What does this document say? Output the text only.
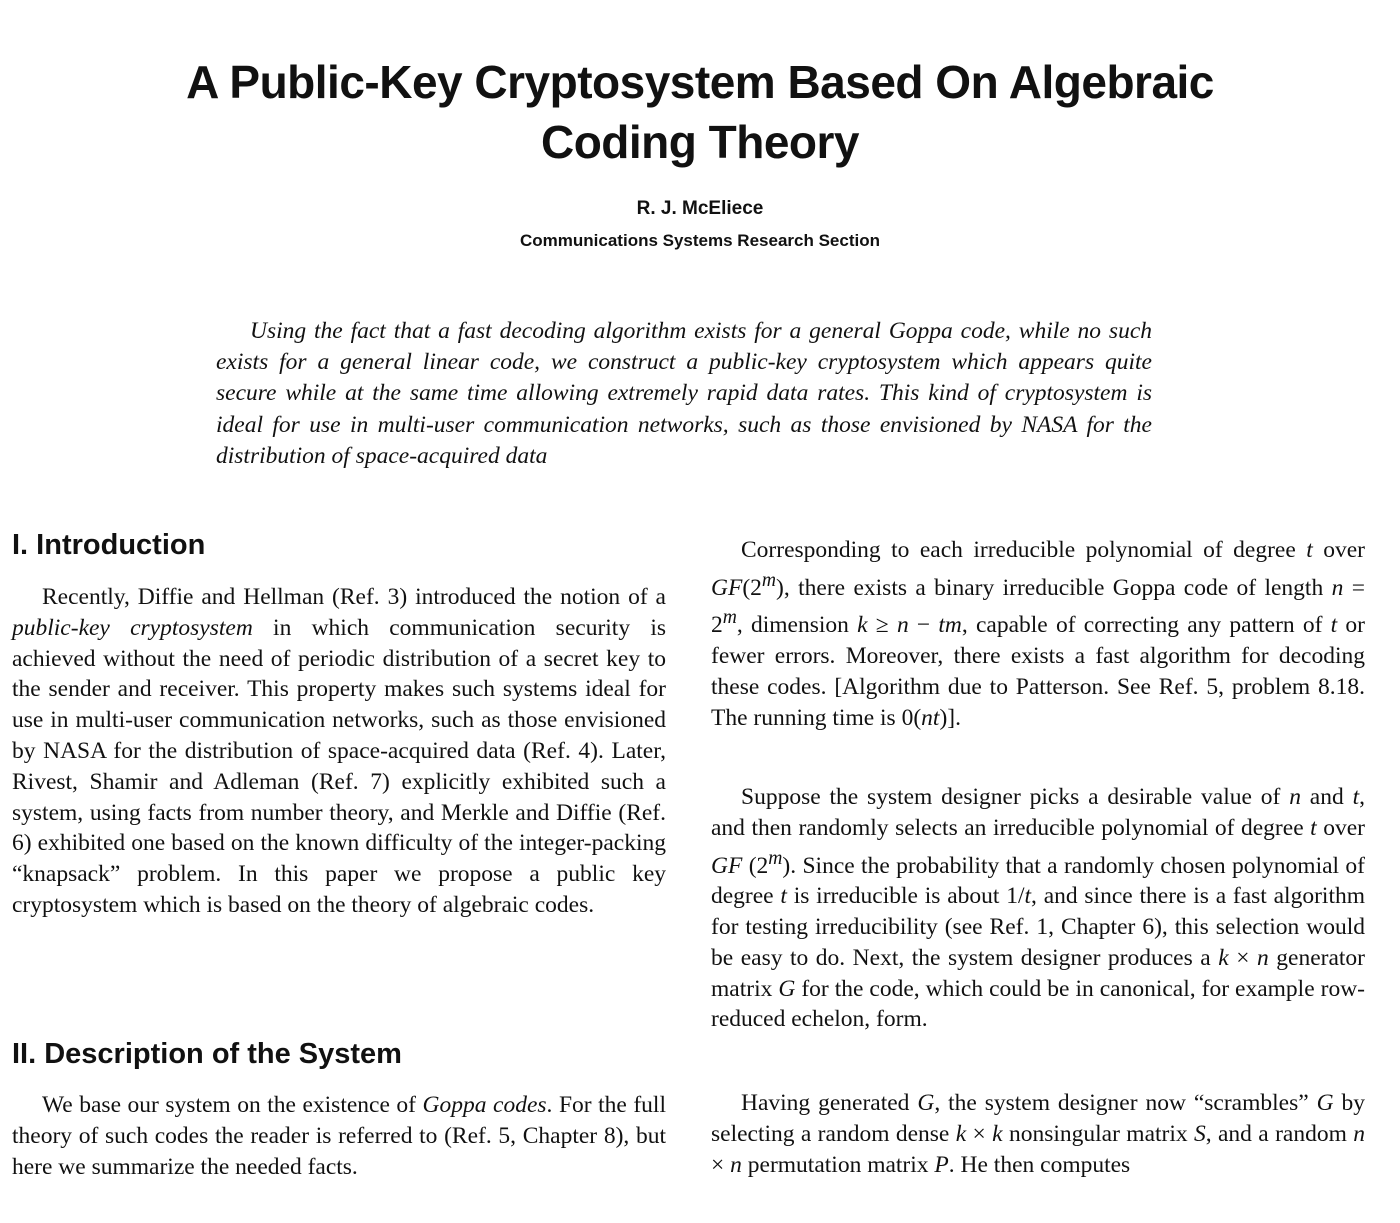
A Public-Key Cryptosystem Based On Algebraic
Coding Theory
R. J. McEliece
Communications Systems Research Section

Using the fact that a fast decoding algorithm exists for a general Goppa code, while no such exists for a general linear code, we construct a public-key cryptosystem which appears quite secure while at the same time allowing extremely rapid data rates. This kind of cryptosystem is ideal for use in multi-user communication networks, such as those envisioned by NASA for the distribution of space-acquired data

I. Introduction

Recently, Diffie and Hellman (Ref. 3) introduced the notion of a public-key cryptosystem in which communication security is achieved without the need of periodic distribution of a secret key to the sender and receiver. This property makes such systems ideal for use in multi-user communication networks, such as those envisioned by NASA for the distribution of space-acquired data (Ref. 4). Later, Rivest, Shamir and Adleman (Ref. 7) explicitly exhibited such a system, using facts from number theory, and Merkle and Diffie (Ref. 6) exhibited one based on the known difficulty of the integer-packing “knapsack” problem. In this paper we propose a public key cryptosystem which is based on the theory of algebraic codes.

II. Description of the System

We base our system on the existence of Goppa codes. For the full theory of such codes the reader is referred to (Ref. 5, Chapter 8), but here we summarize the needed facts.

Corresponding to each irreducible polynomial of degree t over GF(2$^m$), there exists a binary irreducible Goppa code of length $n = 2^m$, dimension k ≥ n − tm, capable of correcting any pattern of t or fewer errors. Moreover, there exists a fast algorithm for decoding these codes. [Algorithm due to Patterson. See Ref. 5, problem 8.18. The running time is 0(nt)].

Suppose the system designer picks a desirable value of n and t, and then randomly selects an irreducible polynomial of degree t over GF (2$^m$). Since the probability that a randomly chosen polynomial of degree t is irreducible is about 1/t, and since there is a fast algorithm for testing irreducibility (see Ref. 1, Chapter 6), this selection would be easy to do. Next, the system designer produces a k × n generator matrix G for the code, which could be in canonical, for example row-reduced echelon, form.

Having generated G, the system designer now “scrambles” G by selecting a random dense k × k nonsingular matrix S, and a random n × n permutation matrix P. He then computes
